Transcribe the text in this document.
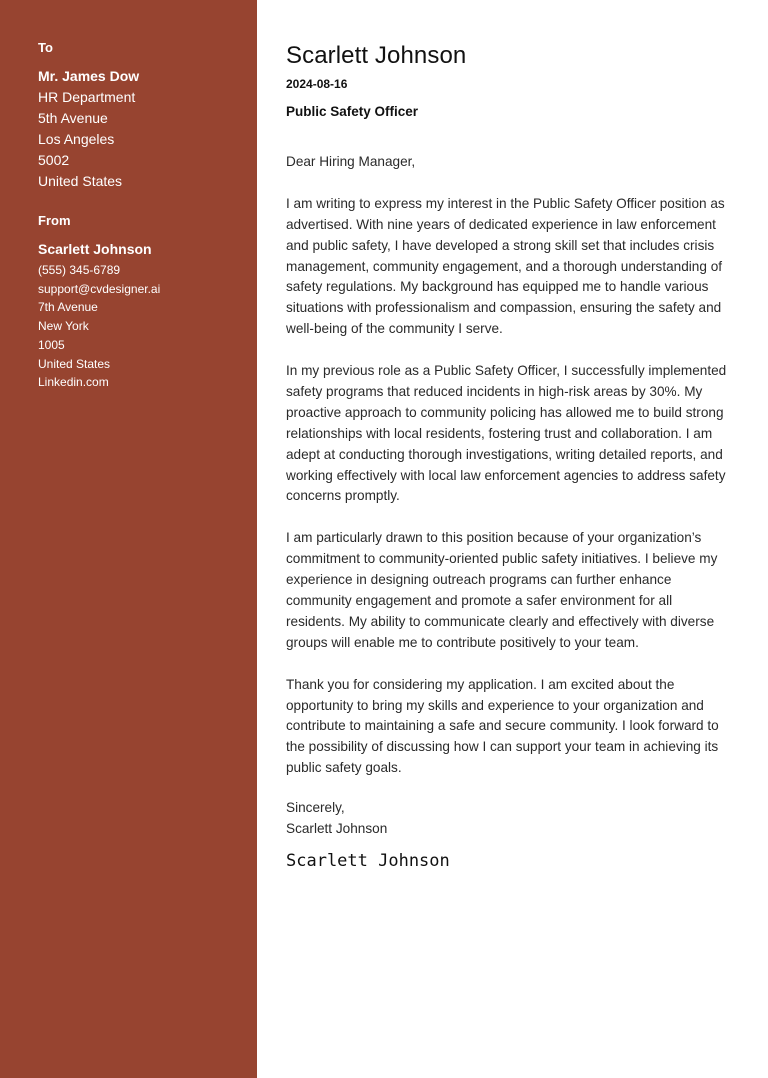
To
Mr. James Dow
HR Department
5th Avenue
Los Angeles
5002
United States
From
Scarlett Johnson
(555) 345-6789
support@cvdesigner.ai
7th Avenue
New York
1005
United States
Linkedin.com
Scarlett Johnson
2024-08-16
Public Safety Officer

Dear Hiring Manager,

I am writing to express my interest in the Public Safety Officer position as advertised. With nine years of dedicated experience in law enforcement and public safety, I have developed a strong skill set that includes crisis management, community engagement, and a thorough understanding of safety regulations. My background has equipped me to handle various situations with professionalism and compassion, ensuring the safety and well-being of the community I serve.

In my previous role as a Public Safety Officer, I successfully implemented safety programs that reduced incidents in high-risk areas by 30%. My proactive approach to community policing has allowed me to build strong relationships with local residents, fostering trust and collaboration. I am adept at conducting thorough investigations, writing detailed reports, and working effectively with local law enforcement agencies to address safety concerns promptly.

I am particularly drawn to this position because of your organization’s commitment to community-oriented public safety initiatives. I believe my experience in designing outreach programs can further enhance community engagement and promote a safer environment for all residents. My ability to communicate clearly and effectively with diverse groups will enable me to contribute positively to your team.

Thank you for considering my application. I am excited about the opportunity to bring my skills and experience to your organization and contribute to maintaining a safe and secure community. I look forward to the possibility of discussing how I can support your team in achieving its public safety goals.

Sincerely,
Scarlett Johnson
Scarlett Johnson
